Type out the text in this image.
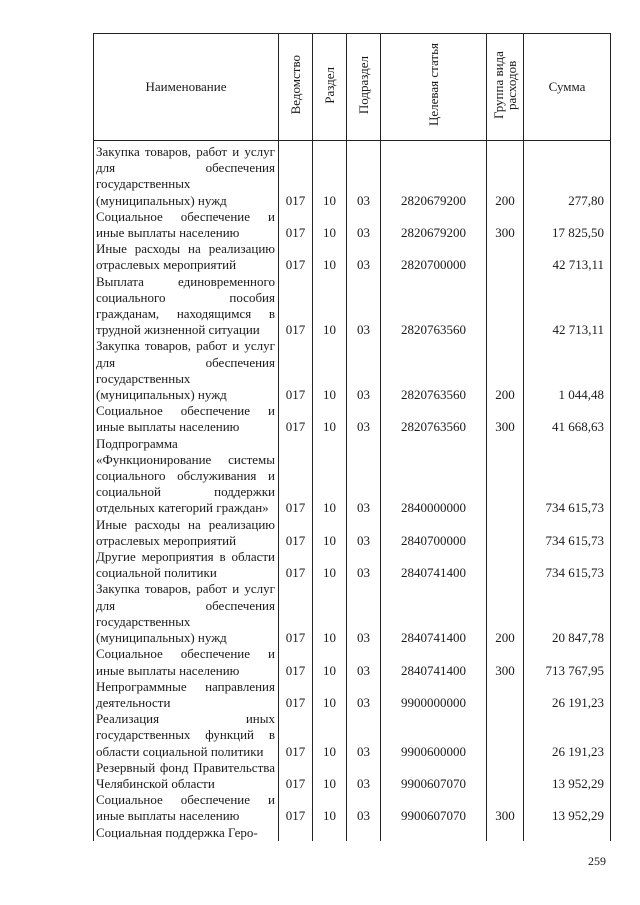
Наименование	Ведомство	Раздел	Подраздел	Целевая статья	Группа вида расходов	Сумма
Закупка товаров, работ и услуг для обеспечения государственных (муниципальных) нужд	017	10	03	2820679200	200	277,80
Социальное обеспечение и иные выплаты населению	017	10	03	2820679200	300	17 825,50
Иные расходы на реализацию отраслевых мероприятий	017	10	03	2820700000		42 713,11
Выплата единовременного социального пособия гражданам, находящимся в трудной жизненной ситуации	017	10	03	2820763560		42 713,11
Закупка товаров, работ и услуг для обеспечения государственных (муниципальных) нужд	017	10	03	2820763560	200	1 044,48
Социальное обеспечение и иные выплаты населению	017	10	03	2820763560	300	41 668,63
Подпрограмма «Функционирование системы социального обслуживания и социальной поддержки отдельных категорий граждан»	017	10	03	2840000000		734 615,73
Иные расходы на реализацию отраслевых мероприятий	017	10	03	2840700000		734 615,73
Другие мероприятия в области социальной политики	017	10	03	2840741400		734 615,73
Закупка товаров, работ и услуг для обеспечения государственных (муниципальных) нужд	017	10	03	2840741400	200	20 847,78
Социальное обеспечение и иные выплаты населению	017	10	03	2840741400	300	713 767,95
Непрограммные направления деятельности	017	10	03	9900000000		26 191,23
Реализация иных государственных функций в области социальной политики	017	10	03	9900600000		26 191,23
Резервный фонд Правительства Челябинской области	017	10	03	9900607070		13 952,29
Социальное обеспечение и иные выплаты населению	017	10	03	9900607070	300	13 952,29
Социальная поддержка Геро-						
259
